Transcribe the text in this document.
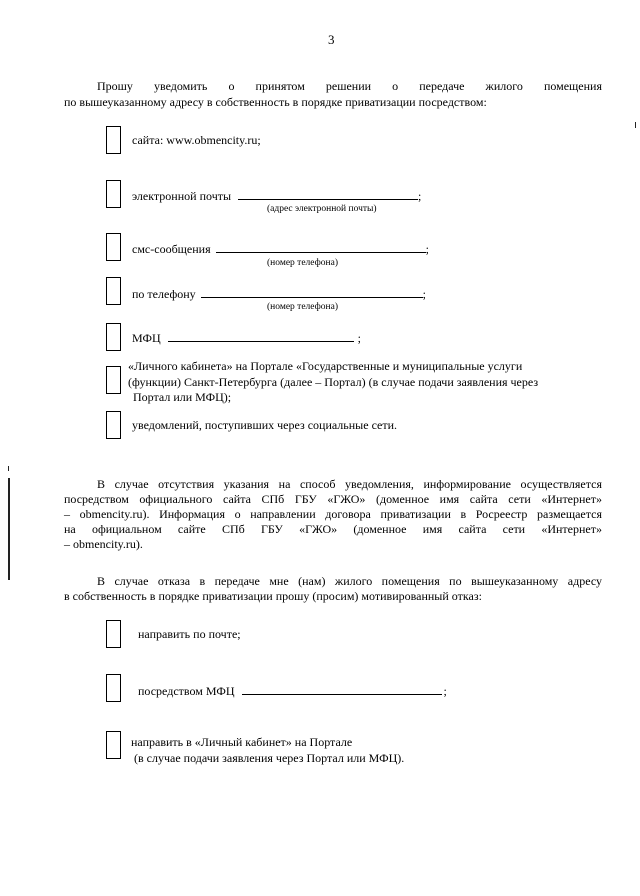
3
Прошу уведомить о принятом решении о передаче жилого помещения
по вышеуказанному адресу в собственность в порядке приватизации посредством:
сайта: www.obmencity.ru;
электронной почты	;
(адрес электронной почты)
смс-сообщения	;
(номер телефона)
по телефону	;
(номер телефона)
МФЦ	;
«Личного кабинета» на Портале «Государственные и муниципальные услуги
(функции) Санкт-Петербурга (далее – Портал) (в случае подачи заявления через
Портал или МФЦ);
уведомлений, поступивших через социальные сети.
В случае отсутствия указания на способ уведомления, информирование осуществляется
посредством официального сайта СПб ГБУ «ГЖО» (доменное имя сайта сети «Интернет»
– obmencity.ru). Информация о направлении договора приватизации в Росреестр размещается
на официальном сайте СПб ГБУ «ГЖО» (доменное имя сайта сети «Интернет»
– obmencity.ru).
В случае отказа в передаче мне (нам) жилого помещения по вышеуказанному адресу
в собственность в порядке приватизации прошу (просим) мотивированный отказ:
направить по почте;
посредством МФЦ	;
направить в «Личный кабинет» на Портале
(в случае подачи заявления через Портал или МФЦ).
